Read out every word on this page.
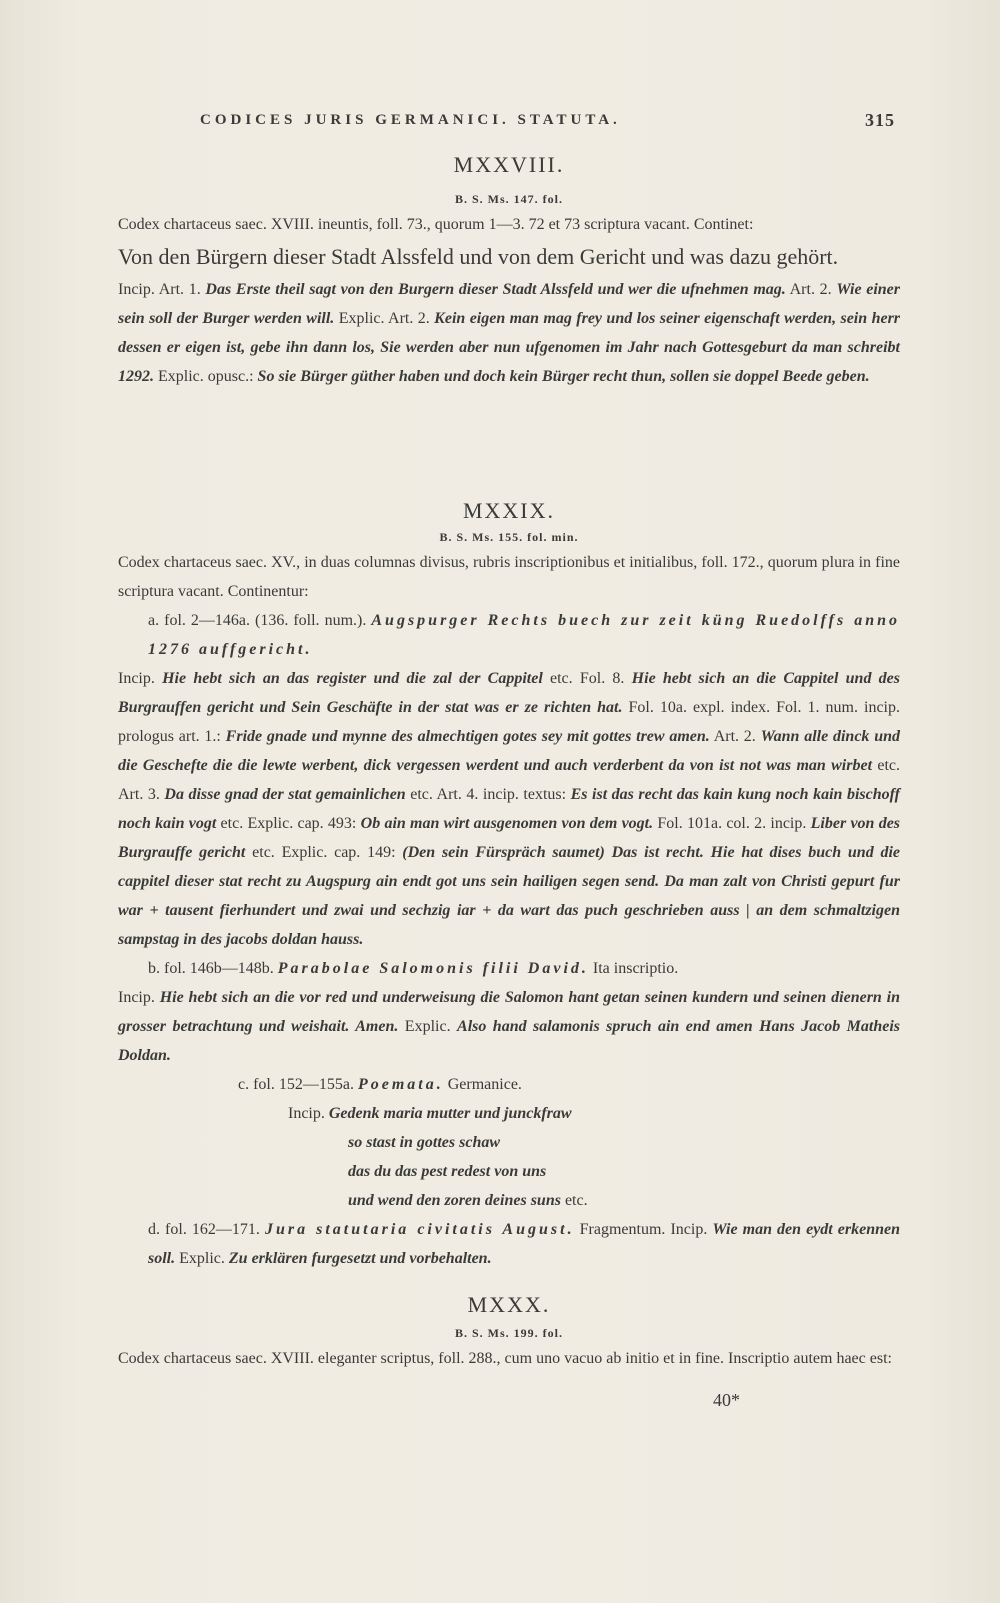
CODICES JURIS GERMANICI. STATUTA.	315
MXXVIII.
B. S. Ms. 147. fol.

Codex chartaceus saec. XVIII. ineuntis, foll. 73., quorum 1—3. 72 et 73 scriptura vacant. Continet:

Von den Bürgern dieser Stadt Alssfeld und von dem Gericht und was dazu gehört.

Incip. Art. 1. Das Erste theil sagt von den Burgern dieser Stadt Alssfeld und wer die ufnehmen mag. Art. 2. Wie einer sein soll der Burger werden will. Explic. Art. 2. Kein eigen man mag frey und los seiner eigenschaft werden, sein herr dessen er eigen ist, gebe ihn dann los, Sie werden aber nun ufgenomen im Jahr nach Gottesgeburt da man schreibt 1292. Explic. opusc.: So sie Bürger güther haben und doch kein Bürger recht thun, sollen sie doppel Beede geben.

MXXIX.
B. S. Ms. 155. fol. min.

Codex chartaceus saec. XV., in duas columnas divisus, rubris inscriptionibus et initialibus, foll. 172., quorum plura in fine scriptura vacant. Continentur:

a. fol. 2—146a. (136. foll. num.). Augspurger Rechts buech zur zeit küng Ruedolffs anno 1276 auffgericht.

Incip. Hie hebt sich an das register und die zal der Cappitel etc. Fol. 8. Hie hebt sich an die Cappitel und des Burgrauffen gericht und Sein Geschäfte in der stat was er ze richten hat. Fol. 10a. expl. index. Fol. 1. num. incip. prologus art. 1.: Fride gnade und mynne des almechtigen gotes sey mit gottes trew amen. Art. 2. Wann alle dinck und die Geschefte die die lewte werbent, dick vergessen werdent und auch verderbent da von ist not was man wirbet etc. Art. 3. Da disse gnad der stat gemainlichen etc. Art. 4. incip. textus: Es ist das recht das kain kung noch kain bischoff noch kain vogt etc. Explic. cap. 493: Ob ain man wirt ausgenomen von dem vogt. Fol. 101a. col. 2. incip. Liber von des Burgrauffe gericht etc. Explic. cap. 149: (Den sein Fürspräch saumet) Das ist recht. Hie hat dises buch und die cappitel dieser stat recht zu Augspurg ain endt got uns sein hailigen segen send. Da man zalt von Christi gepurt fur war + tausent fierhundert und zwai und sechzig iar + da wart das puch geschrieben auss | an dem schmaltzigen sampstag in des jacobs doldan hauss.

b. fol. 146b—148b. Parabolae Salomonis filii David. Ita inscriptio.

Incip. Hie hebt sich an die vor red und underweisung die Salomon hant getan seinen kundern und seinen dienern in grosser betrachtung und weishait. Amen. Explic. Also hand salamonis spruch ain end amen Hans Jacob Matheis Doldan.

c. fol. 152—155a. Poemata. Germanice.

Incip. Gedenk maria mutter und junckfraw

so stast in gottes schaw

das du das pest redest von uns

und wend den zoren deines suns etc.

d. fol. 162—171. Jura statutaria civitatis August. Fragmentum. Incip. Wie man den eydt erkennen soll. Explic. Zu erklären furgesetzt und vorbehalten.

MXXX.
B. S. Ms. 199. fol.

Codex chartaceus saec. XVIII. eleganter scriptus, foll. 288., cum uno vacuo ab initio et in fine. Inscriptio autem haec est:

40*
